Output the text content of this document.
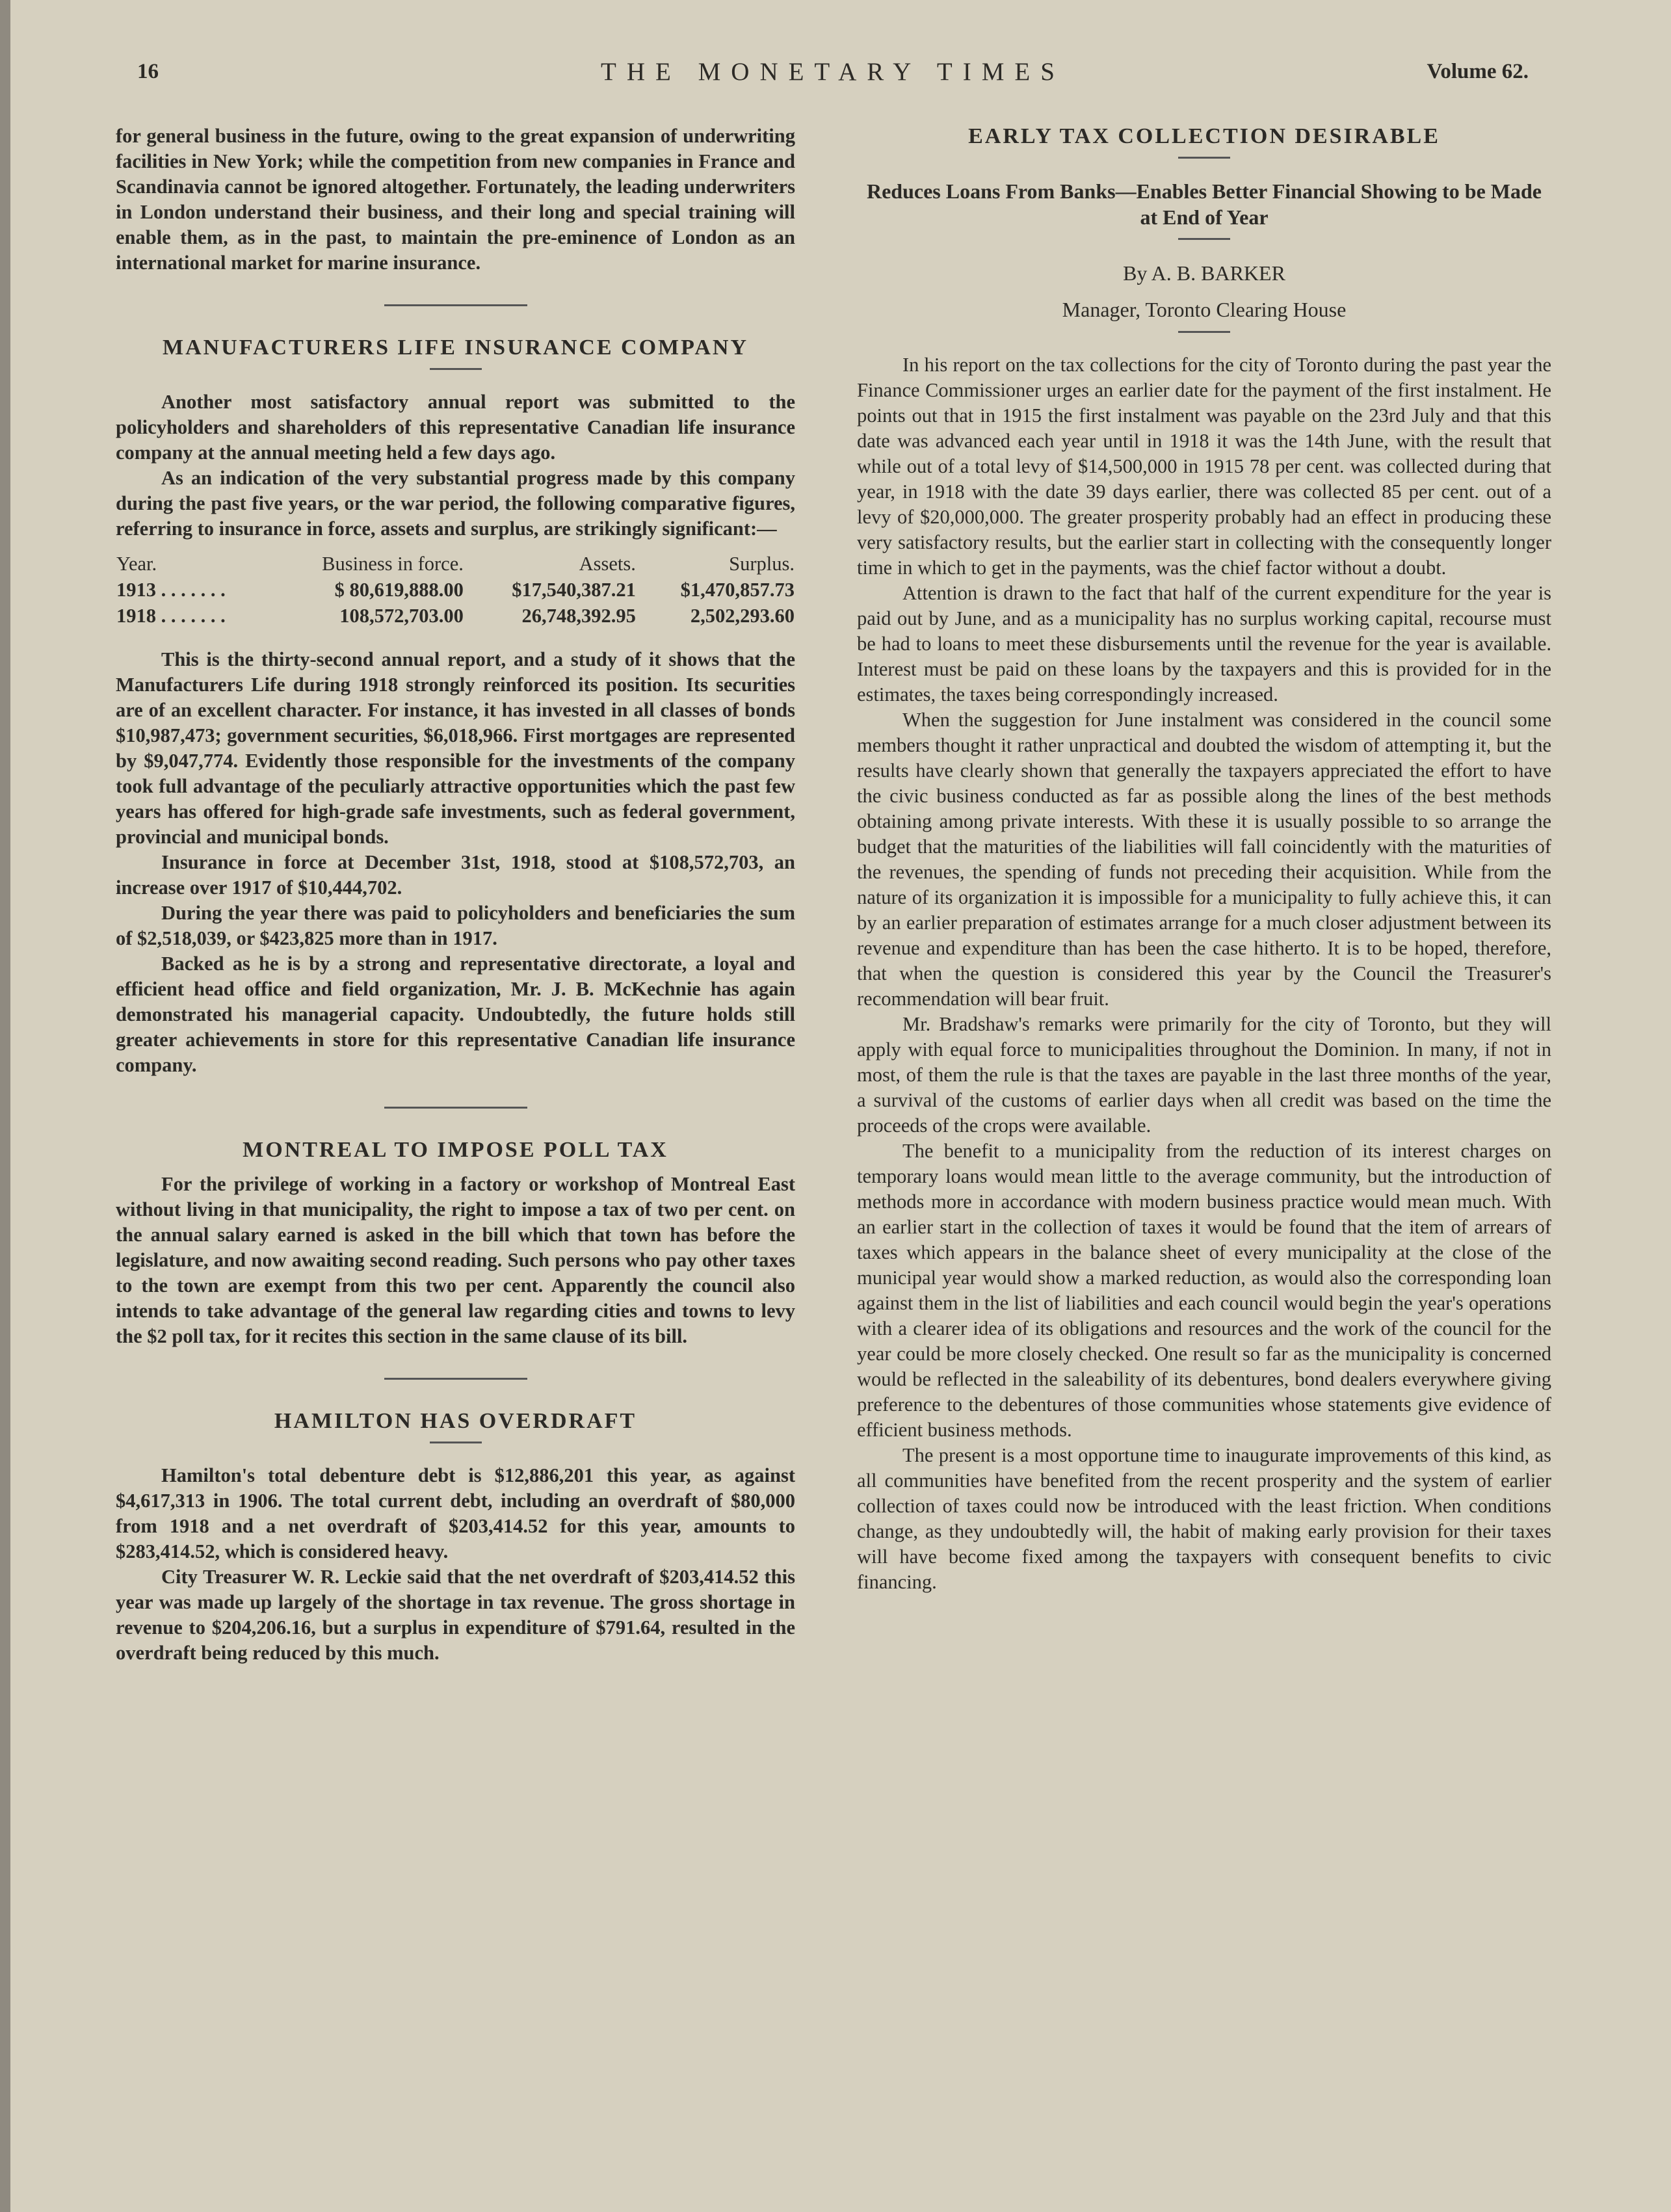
16	THE MONETARY TIMES	Volume 62.

for general business in the future, owing to the great expansion of underwriting facilities in New York; while the competition from new companies in France and Scandinavia cannot be ignored altogether. Fortunately, the leading underwriters in London understand their business, and their long and special training will enable them, as in the past, to maintain the pre-eminence of London as an international market for marine insurance.

MANUFACTURERS LIFE INSURANCE COMPANY

Another most satisfactory annual report was submitted to the policyholders and shareholders of this representative Canadian life insurance company at the annual meeting held a few days ago.

As an indication of the very substantial progress made by this company during the past five years, or the war period, the following comparative figures, referring to insurance in force, assets and surplus, are strikingly significant:—

Year.	Business in force.	Assets.	Surplus.
1913 . . . . . . .	$ 80,619,888.00	$17,540,387.21	$1,470,857.73
1918 . . . . . . .	108,572,703.00	26,748,392.95	2,502,293.60

This is the thirty-second annual report, and a study of it shows that the Manufacturers Life during 1918 strongly reinforced its position. Its securities are of an excellent character. For instance, it has invested in all classes of bonds $10,987,473; government securities, $6,018,966. First mortgages are represented by $9,047,774. Evidently those responsible for the investments of the company took full advantage of the peculiarly attractive opportunities which the past few years has offered for high-grade safe investments, such as federal government, provincial and municipal bonds.

Insurance in force at December 31st, 1918, stood at $108,572,703, an increase over 1917 of $10,444,702.

During the year there was paid to policyholders and beneficiaries the sum of $2,518,039, or $423,825 more than in 1917.

Backed as he is by a strong and representative directorate, a loyal and efficient head office and field organization, Mr. J. B. McKechnie has again demonstrated his managerial capacity. Undoubtedly, the future holds still greater achievements in store for this representative Canadian life insurance company.

MONTREAL TO IMPOSE POLL TAX

For the privilege of working in a factory or workshop of Montreal East without living in that municipality, the right to impose a tax of two per cent. on the annual salary earned is asked in the bill which that town has before the legislature, and now awaiting second reading. Such persons who pay other taxes to the town are exempt from this two per cent. Apparently the council also intends to take advantage of the general law regarding cities and towns to levy the $2 poll tax, for it recites this section in the same clause of its bill.

HAMILTON HAS OVERDRAFT

Hamilton's total debenture debt is $12,886,201 this year, as against $4,617,313 in 1906. The total current debt, including an overdraft of $80,000 from 1918 and a net overdraft of $203,414.52 for this year, amounts to $283,414.52, which is considered heavy.

City Treasurer W. R. Leckie said that the net overdraft of $203,414.52 this year was made up largely of the shortage in tax revenue. The gross shortage in revenue to $204,206.16, but a surplus in expenditure of $791.64, resulted in the overdraft being reduced by this much.

EARLY TAX COLLECTION DESIRABLE
Reduces Loans From Banks—Enables Better Financial Showing to be Made at End of Year
By A. B. BARKER
Manager, Toronto Clearing House

In his report on the tax collections for the city of Toronto during the past year the Finance Commissioner urges an earlier date for the payment of the first instalment. He points out that in 1915 the first instalment was payable on the 23rd July and that this date was advanced each year until in 1918 it was the 14th June, with the result that while out of a total levy of $14,500,000 in 1915 78 per cent. was collected during that year, in 1918 with the date 39 days earlier, there was collected 85 per cent. out of a levy of $20,000,000. The greater prosperity probably had an effect in producing these very satisfactory results, but the earlier start in collecting with the consequently longer time in which to get in the payments, was the chief factor without a doubt.

Attention is drawn to the fact that half of the current expenditure for the year is paid out by June, and as a municipality has no surplus working capital, recourse must be had to loans to meet these disbursements until the revenue for the year is available. Interest must be paid on these loans by the taxpayers and this is provided for in the estimates, the taxes being correspondingly increased.

When the suggestion for June instalment was considered in the council some members thought it rather unpractical and doubted the wisdom of attempting it, but the results have clearly shown that generally the taxpayers appreciated the effort to have the civic business conducted as far as possible along the lines of the best methods obtaining among private interests. With these it is usually possible to so arrange the budget that the maturities of the liabilities will fall coincidently with the maturities of the revenues, the spending of funds not preceding their acquisition. While from the nature of its organization it is impossible for a municipality to fully achieve this, it can by an earlier preparation of estimates arrange for a much closer adjustment between its revenue and expenditure than has been the case hitherto. It is to be hoped, therefore, that when the question is considered this year by the Council the Treasurer's recommendation will bear fruit.

Mr. Bradshaw's remarks were primarily for the city of Toronto, but they will apply with equal force to municipalities throughout the Dominion. In many, if not in most, of them the rule is that the taxes are payable in the last three months of the year, a survival of the customs of earlier days when all credit was based on the time the proceeds of the crops were available.

The benefit to a municipality from the reduction of its interest charges on temporary loans would mean little to the average community, but the introduction of methods more in accordance with modern business practice would mean much. With an earlier start in the collection of taxes it would be found that the item of arrears of taxes which appears in the balance sheet of every municipality at the close of the municipal year would show a marked reduction, as would also the corresponding loan against them in the list of liabilities and each council would begin the year's operations with a clearer idea of its obligations and resources and the work of the council for the year could be more closely checked. One result so far as the municipality is concerned would be reflected in the saleability of its debentures, bond dealers everywhere giving preference to the debentures of those communities whose statements give evidence of efficient business methods.

The present is a most opportune time to inaugurate improvements of this kind, as all communities have benefited from the recent prosperity and the system of earlier collection of taxes could now be introduced with the least friction. When conditions change, as they undoubtedly will, the habit of making early provision for their taxes will have become fixed among the taxpayers with consequent benefits to civic financing.
